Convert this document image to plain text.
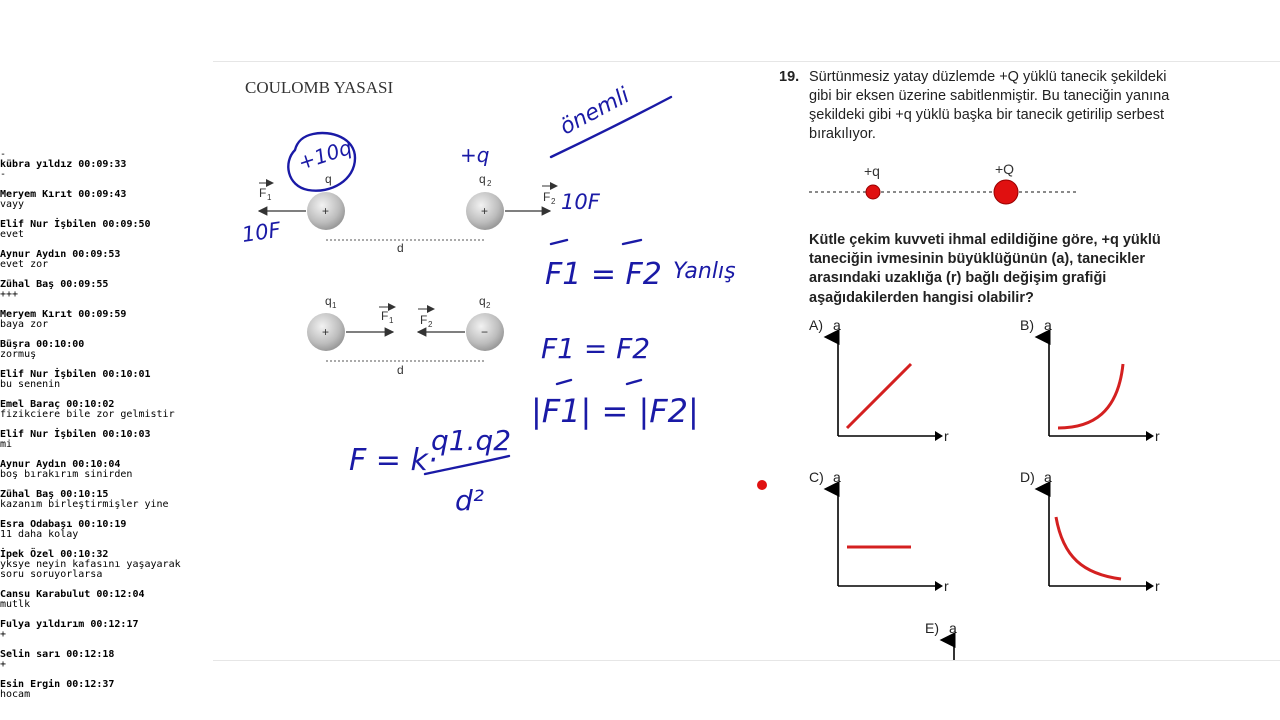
-
kübra yıldız 00:09:33
-
Meryem Kırıt 00:09:43
vayy
Elif Nur İşbilen 00:09:50
evet
Aynur Aydın 00:09:53
evet zor
Zühal Baş 00:09:55
+++
Meryem Kırıt 00:09:59
baya zor
Büşra 00:10:00
zormuş
Elif Nur İşbilen 00:10:01
bu senenin
Emel Baraç 00:10:02
fizikciere bile zor gelmistir
Elif Nur İşbilen 00:10:03
mi
Aynur Aydın 00:10:04
boş bırakırım sinirden
Zühal Baş 00:10:15
kazanım birleştirmişler yine
Esra Odabaşı 00:10:19
11 daha kolay
İpek Özel 00:10:32
yksye neyin kafasını yaşayarak
soru soruyorlarsa
Cansu Karabulut 00:12:04
mutlk
Fulya yıldırım 00:12:17
+
Selin sarı 00:12:18
+
Esin Ergin 00:12:37
hocam
COULOMB YASASI
+	+
q	q 2
F 1	F 2
d
q 1	q 2
+	−
F 1 F 2
d
+10q	+q
10F
10F
önemli
F1 = F2 Yanlış
F1 = F2
|F1| = |F2|
F = k·
q1.q2
d²
19. Sürtünmesiz yatay düzlemde +Q yüklü tanecik şekildeki
gibi bir eksen üzerine sabitlenmiştir. Bu taneciğin yanına
şekildeki gibi +q yüklü başka bir tanecik getirilip serbest
bırakılıyor.
+q	+Q
Kütle çekim kuvveti ihmal edildiğine göre, +q yüklü
taneciğin ivmesinin büyüklüğünün (a), tanecikler
arasındaki uzaklığa (r) bağlı değişim grafiği
aşağıdakilerden hangisi olabilir?
A) a
r
B) a
r
C) a
r
D) a
r
E) a
